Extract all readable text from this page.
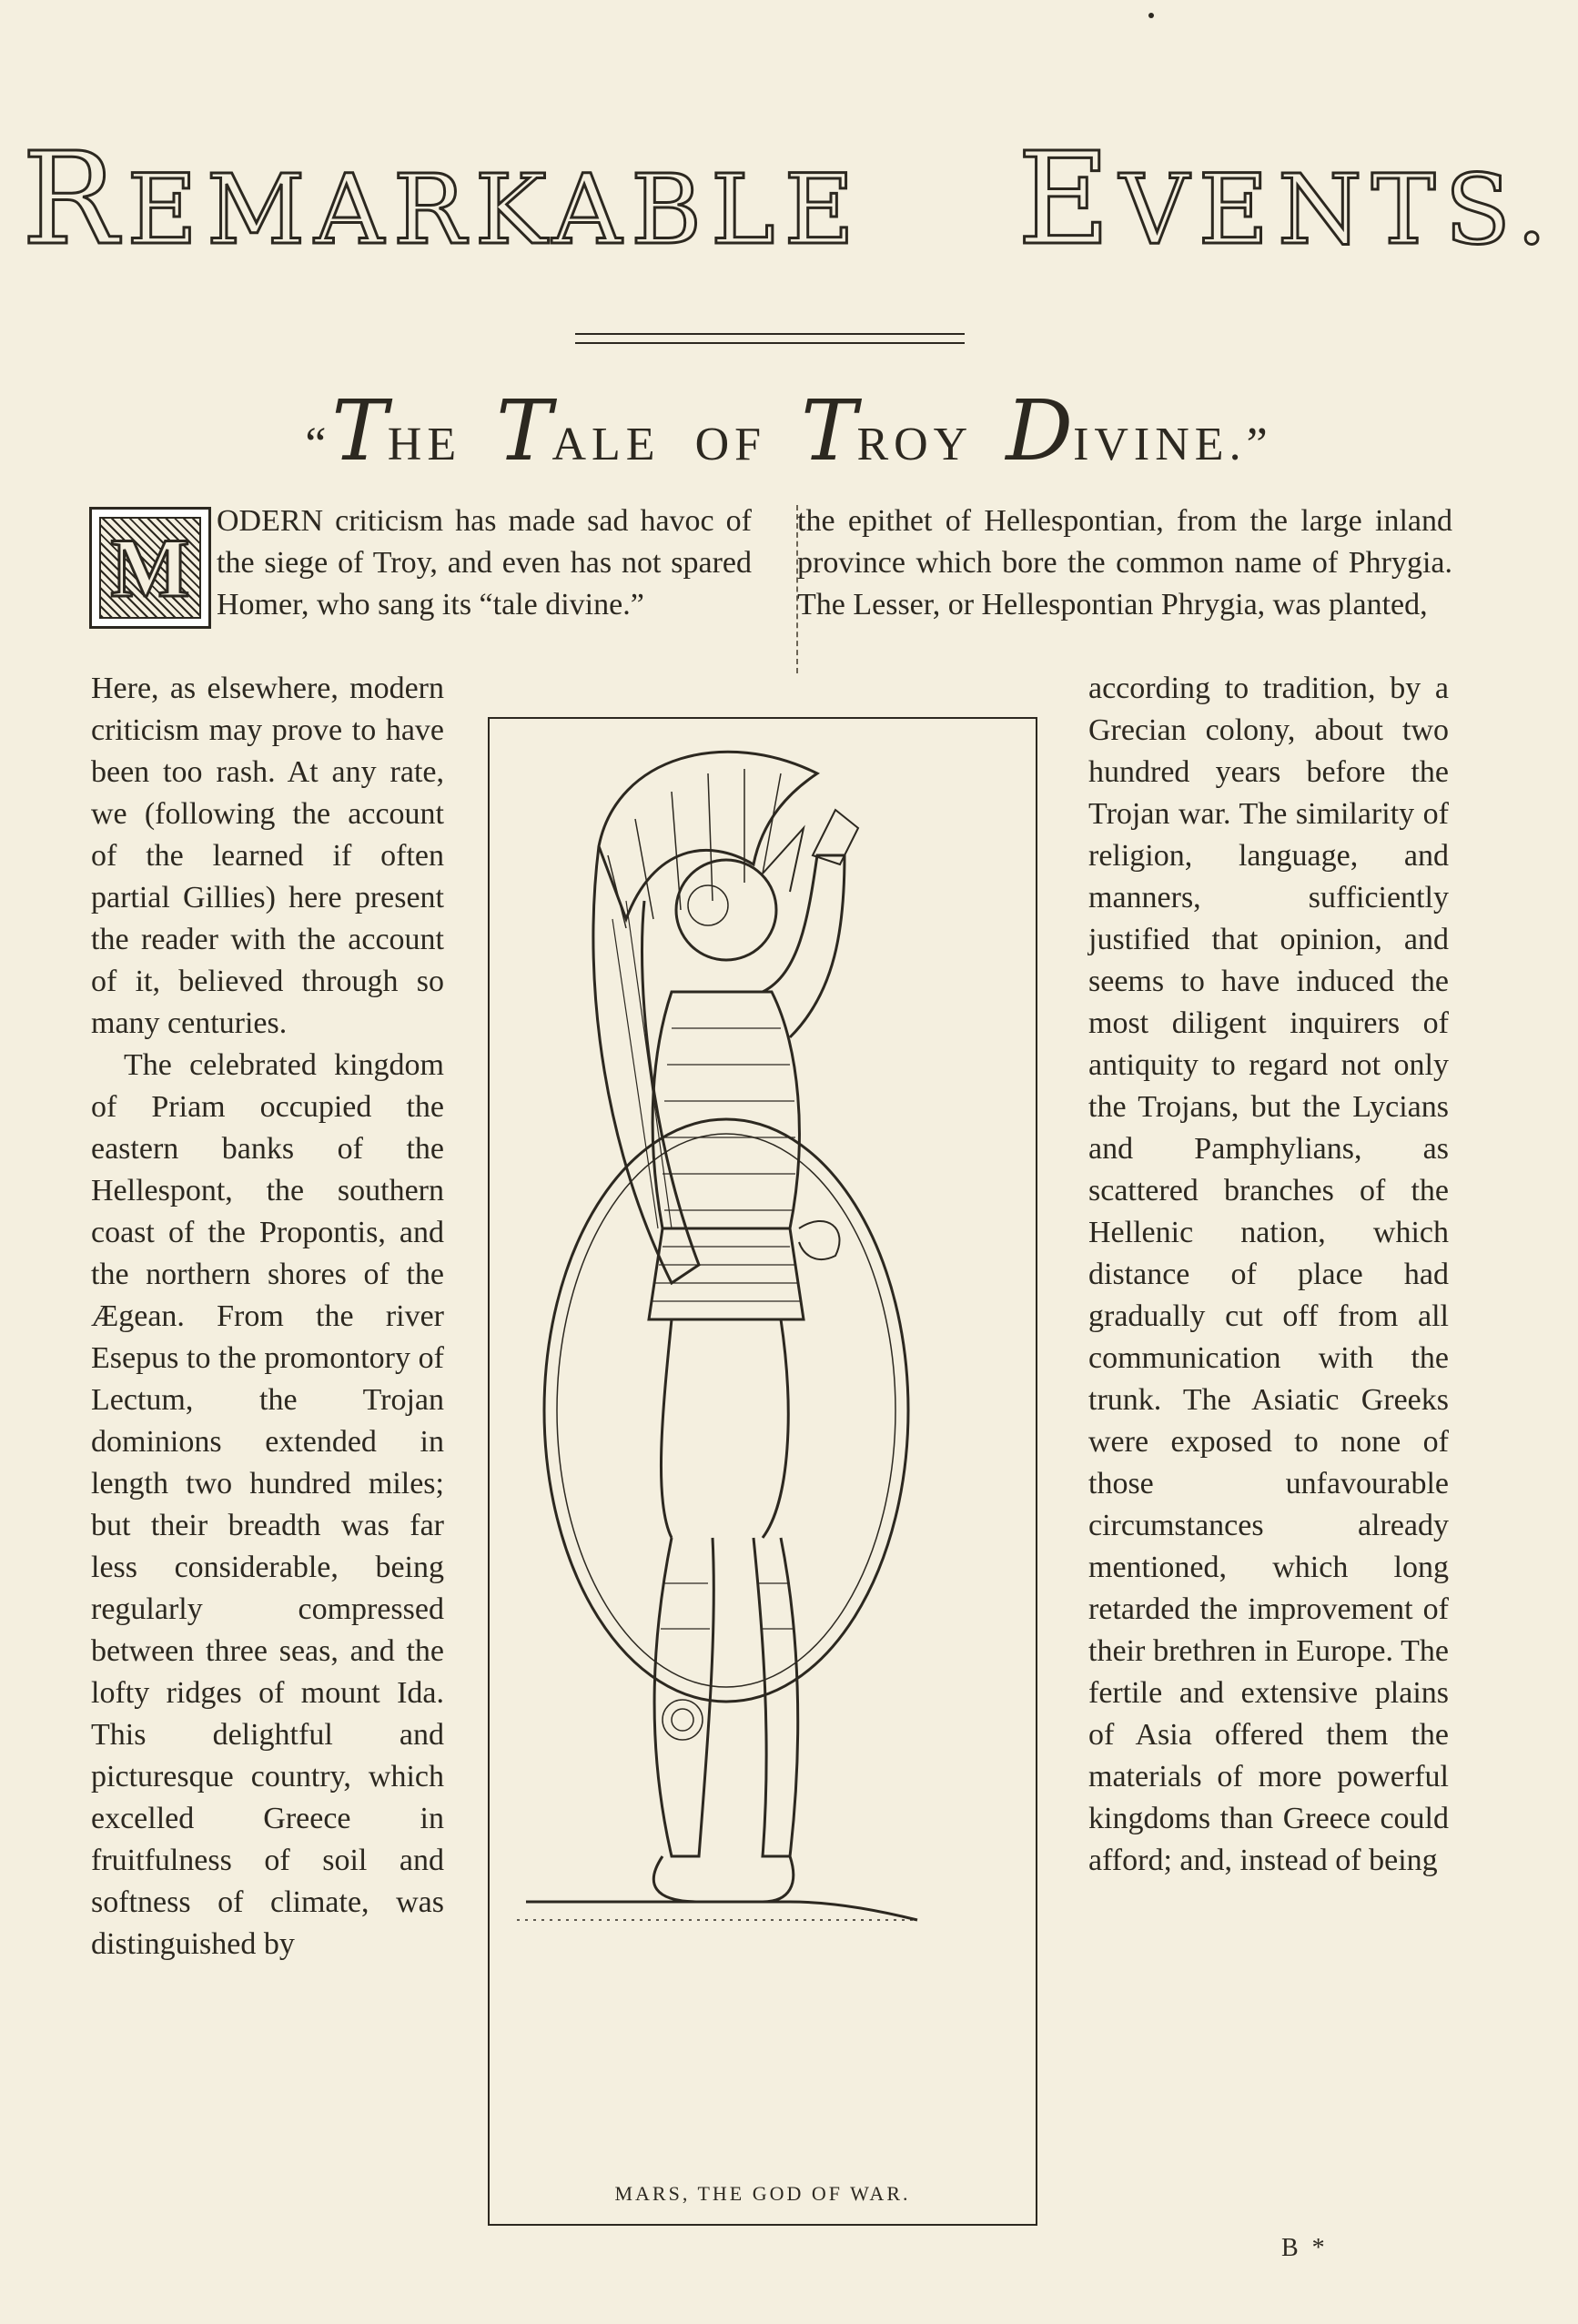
REMARKABLE EVENTS.
“THE TALE OF TROY DIVINE.”
M
ODERN criticism has made sad havoc of the siege of Troy, and even has not spared Homer, who sang its “tale divine.”
the epithet of Hellespontian, from the large inland province which bore the common name of Phrygia. The Lesser, or Hellespontian Phrygia, was planted,
Here, as elsewhere, modern criticism may prove to have been too rash. At any rate, we (following the account of the learned if often partial Gillies) here present the reader with the account of it, believed through so many centuries.
The celebrated kingdom of Priam occupied the eastern banks of the Hellespont, the southern coast of the Propontis, and the northern shores of the Ægean. From the river Esepus to the promontory of Lectum, the Trojan dominions extended in length two hundred miles; but their breadth was far less considerable, being regularly compressed between three seas, and the lofty ridges of mount Ida. This delightful and picturesque country, which excelled Greece in fruitfulness of soil and softness of climate, was distinguished by
MARS, THE GOD OF WAR.
according to tradition, by a Grecian colony, about two hundred years before the Trojan war. The similarity of religion, language, and manners, sufficiently justified that opinion, and seems to have induced the most diligent inquirers of antiquity to regard not only the Trojans, but the Lycians and Pamphylians, as scattered branches of the Hellenic nation, which distance of place had gradually cut off from all communication with the trunk. The Asiatic Greeks were exposed to none of those unfavourable circumstances already mentioned, which long retarded the improvement of their brethren in Europe. The fertile and extensive plains of Asia offered them the materials of more powerful kingdoms than Greece could afford; and, instead of being
B *
